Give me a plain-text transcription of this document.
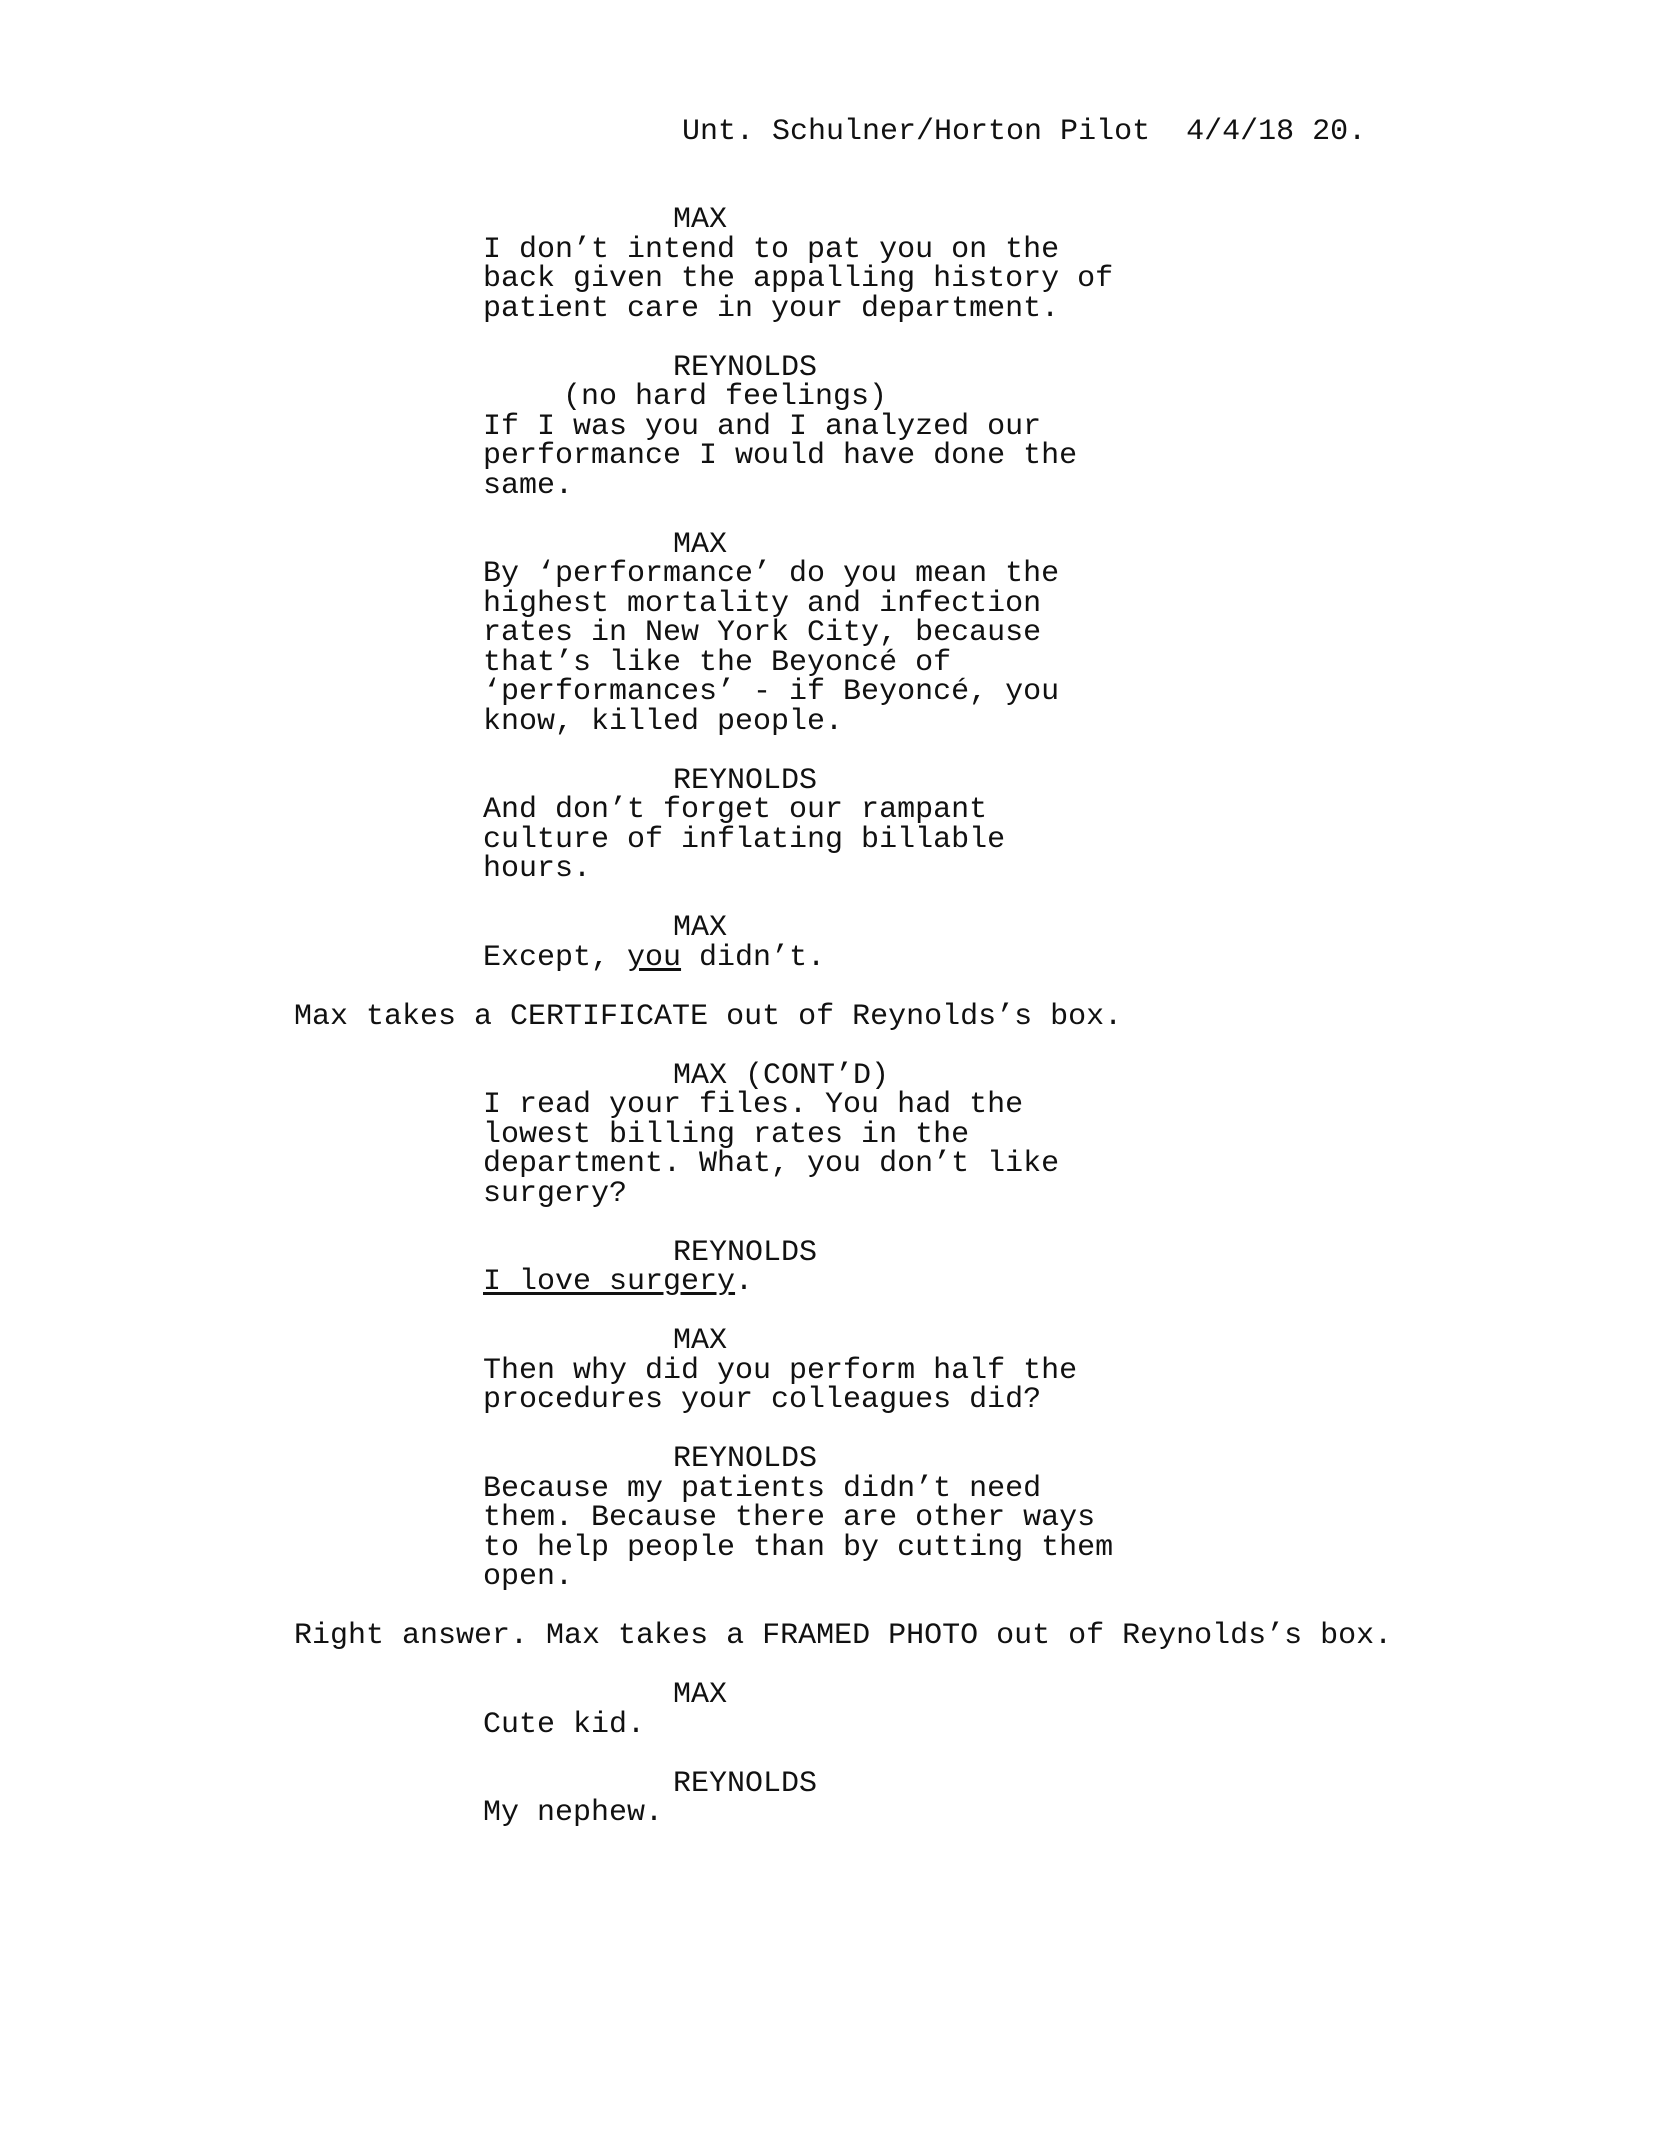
Unt. Schulner/Horton Pilot 4/4/18 20.
MAX
I don’t intend to pat you on the
back given the appalling history of
patient care in your department.
REYNOLDS
(no hard feelings)
If I was you and I analyzed our
performance I would have done the
same.
MAX
By ‘performance’ do you mean the
highest mortality and infection
rates in New York City, because
that’s like the Beyoncé of
‘performances’ - if Beyoncé, you
know, killed people.
REYNOLDS
And don’t forget our rampant
culture of inflating billable
hours.
MAX
Except, you didn’t.
Max takes a CERTIFICATE out of Reynolds’s box.
MAX (CONT’D)
I read your files. You had the
lowest billing rates in the
department. What, you don’t like
surgery?
REYNOLDS
I love surgery.
MAX
Then why did you perform half the
procedures your colleagues did?
REYNOLDS
Because my patients didn’t need
them. Because there are other ways
to help people than by cutting them
open.
Right answer. Max takes a FRAMED PHOTO out of Reynolds’s box.
MAX
Cute kid.
REYNOLDS
My nephew.
